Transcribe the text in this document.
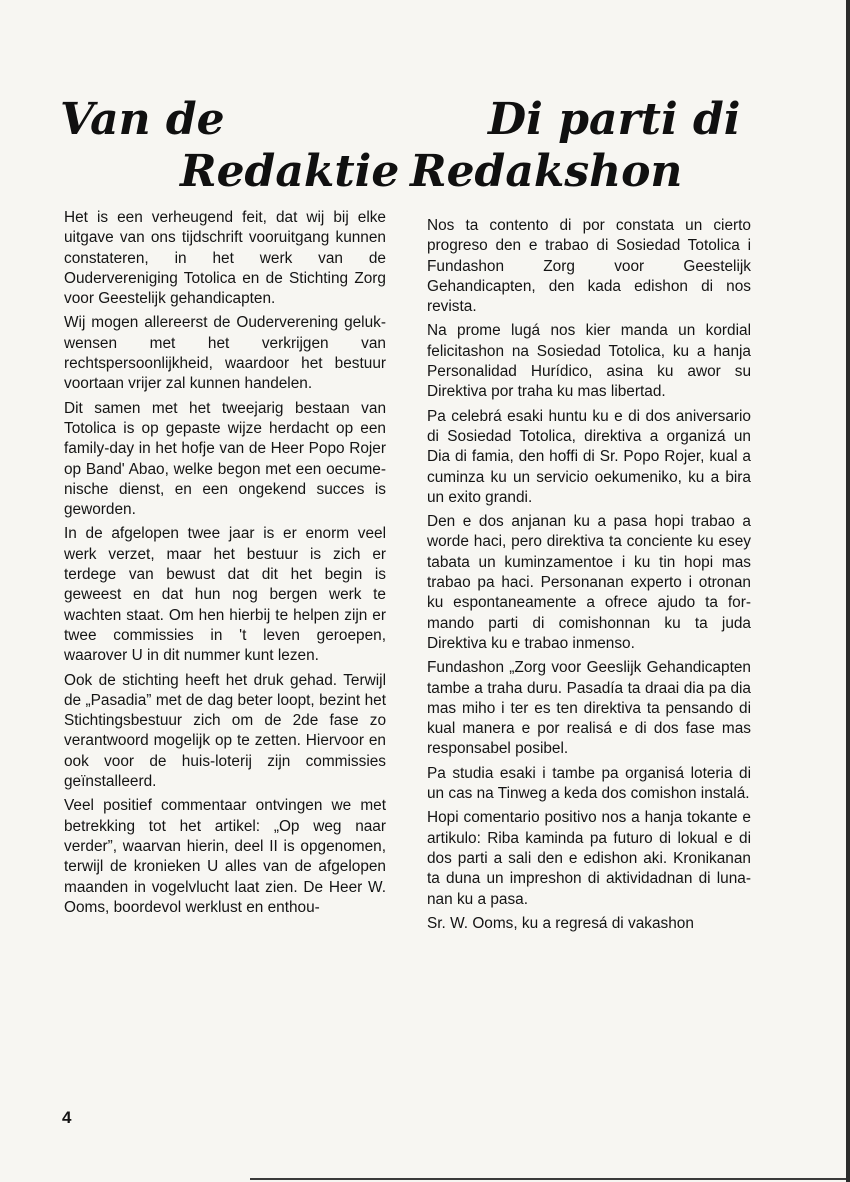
Van de	Di parti di
Redaktie Redakshon

Het is een verheugend feit, dat wij bij elke uitgave van ons tijdschrift vooruitgang kunnen constateren, in het werk van de Oudervereniging Totolica en de Stichting Zorg voor Geestelijk gehandicapten.

Wij mogen allereerst de Ouderverening gelukwensen met het verkrijgen van rechtspersoonlijkheid, waardoor het bestuur voortaan vrijer zal kunnen handelen.

Dit samen met het tweejarig bestaan van Totolica is op gepaste wijze herdacht op een family-day in het hofje van de Heer Popo Rojer op Band' Abao, welke begon met een oecumenische dienst, en een ongekend succes is geworden.

In de afgelopen twee jaar is er enorm veel werk verzet, maar het bestuur is zich er terdege van bewust dat dit het begin is geweest en dat hun nog bergen werk te wachten staat. Om hen hierbij te helpen zijn er twee commissies in 't leven geroepen, waarover U in dit nummer kunt lezen.

Ook de stichting heeft het druk gehad. Terwijl de „Pasadia” met de dag beter loopt, bezint het Stichtingsbestuur zich om de 2de fase zo verantwoord mogelijk op te zetten. Hiervoor en ook voor de huis-loterij zijn commissies geïnstalleerd.

Veel positief commentaar ontvingen we met betrekking tot het artikel: „Op weg naar verder”, waarvan hierin, deel II is opgenomen, terwijl de kronieken U alles van de afgelopen maanden in vogelvlucht laat zien. De Heer W. Ooms, boordevol werklust en enthou-

Nos ta contento di por constata un cierto progreso den e trabao di Sosiedad Totolica i Fundashon Zorg voor Geestelijk Gehandicapten, den kada edishon di nos revista.

Na prome lugá nos kier manda un kordial felicitashon na Sosiedad Totolica, ku a hanja Personalidad Hurídico, asina ku awor su Direktiva por traha ku mas libertad.

Pa celebrá esaki huntu ku e di dos aniversario di Sosiedad Totolica, direktiva a organizá un Dia di famia, den hoffi di Sr. Popo Rojer, kual a cuminza ku un servicio oekumeniko, ku a bira un exito grandi.

Den e dos anjanan ku a pasa hopi trabao a worde haci, pero direktiva ta conciente ku esey tabata un kuminzamentoe i ku tin hopi mas trabao pa haci. Personanan experto i otronan ku espontaneamente a ofrece ajudo ta formando parti di comishonnan ku ta juda Direktiva ku e trabao inmenso.

Fundashon „Zorg voor Geeslijk Gehandicapten tambe a traha duru. Pasadía ta draai dia pa dia mas miho i ter es ten direktiva ta pensando di kual manera e por realisá e di dos fase mas responsabel posibel.

Pa studia esaki i tambe pa organisá loteria di un cas na Tinweg a keda dos comishon instalá.

Hopi comentario positivo nos a hanja tokante e artikulo: Riba kaminda pa futuro di lokual e di dos parti a sali den e edishon aki. Kronikanan ta duna un impreshon di aktividadnan di lunanan ku a pasa.

Sr. W. Ooms, ku a regresá di vakashon

4
